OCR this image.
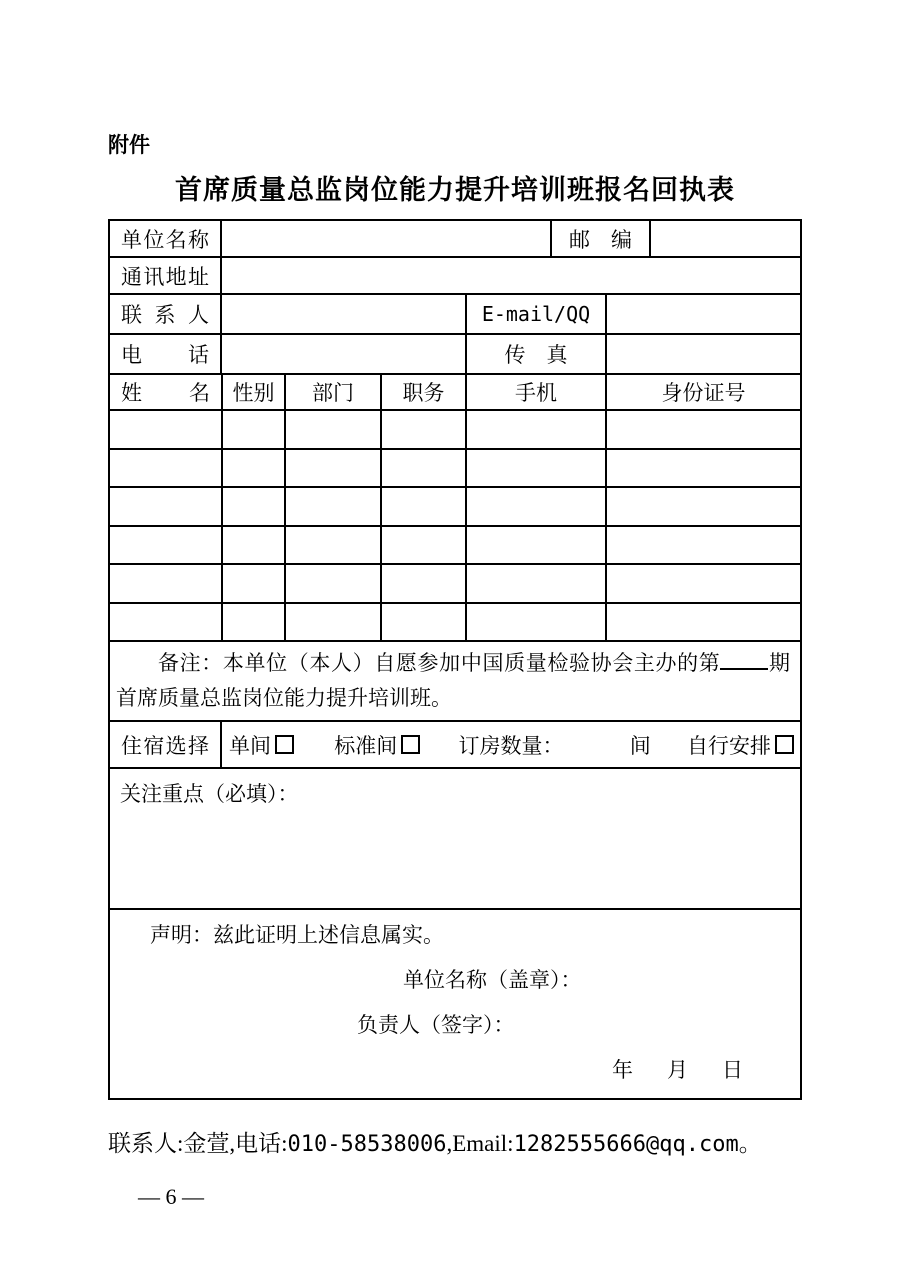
附件
首席质量总监岗位能力提升培训班报名回执表
单位名称	邮　编
通讯地址
联系人	E-mail/QQ
电话	传　真
姓名	性别 部门 职务	手机	身份证号
备注：本单位（本人）自愿参加中国质量检验协会主办的第 期
首席质量总监岗位能力提升培训班。
住宿选择 单间	标准间	订房数量：	间 自行安排
关注重点（必填）：
声明：兹此证明上述信息属实。
单位名称（盖章）：
负责人（签字）：
年 月 日
联系人:金萱,电话:010-58538006,Email:1282555666@qq.com。
— 6 —
